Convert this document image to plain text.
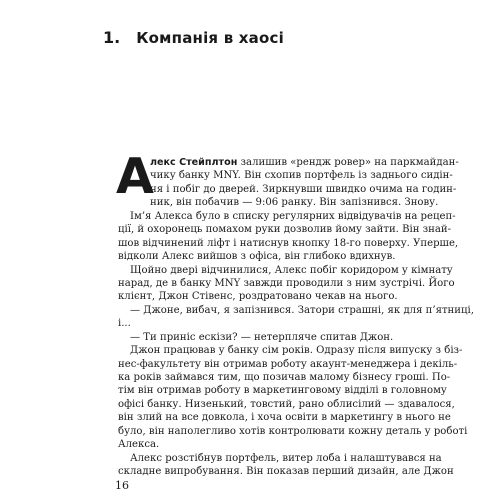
1. Компанія в хаосі
А
лекс Стейплтон залишив «рендж ровер» на паркмайдан-
чику банку MNY. Він схопив портфель із заднього сидін-
ня і побіг до дверей. Зиркнувши швидко очима на годин-
ник, він побачив — 9:06 ранку. Він запізнився. Знову.
Ім’я Алекса було в списку регулярних відвідувачів на рецеп-
ції, й охоронець помахом руки дозволив йому зайти. Він знай-
шов відчинений ліфт і натиснув кнопку 18-го поверху. Уперше,
відколи Алекс вийшов з офіса, він глибоко вдихнув.
Щойно двері відчинилися, Алекс побіг коридором у кімнату
нарад, де в банку MNY завжди проводили з ним зустрічі. Його
клієнт, Джон Стівенс, роздратовано чекав на нього.
— Джоне, вибач, я запізнився. Затори страшні, як для п’ятниці,
і...
— Ти приніс ескізи? — нетерпляче спитав Джон.
Джон працював у банку сім років. Одразу після випуску з біз-
нес-факультету він отримав роботу акаунт-менеджера і декіль-
ка років займався тим, що позичав малому бізнесу гроші. По-
тім він отримав роботу в маркетинговому відділі в головному
офісі банку. Низенький, товстий, рано облисілий — здавалося,
він злий на все довкола, і хоча освіти в маркетингу в нього не
було, він наполегливо хотів контролювати кожну деталь у роботі
Алекса.
Алекс розстібнув портфель, витер лоба і налаштувався на
складне випробування. Він показав перший дизайн, але Джон
16
